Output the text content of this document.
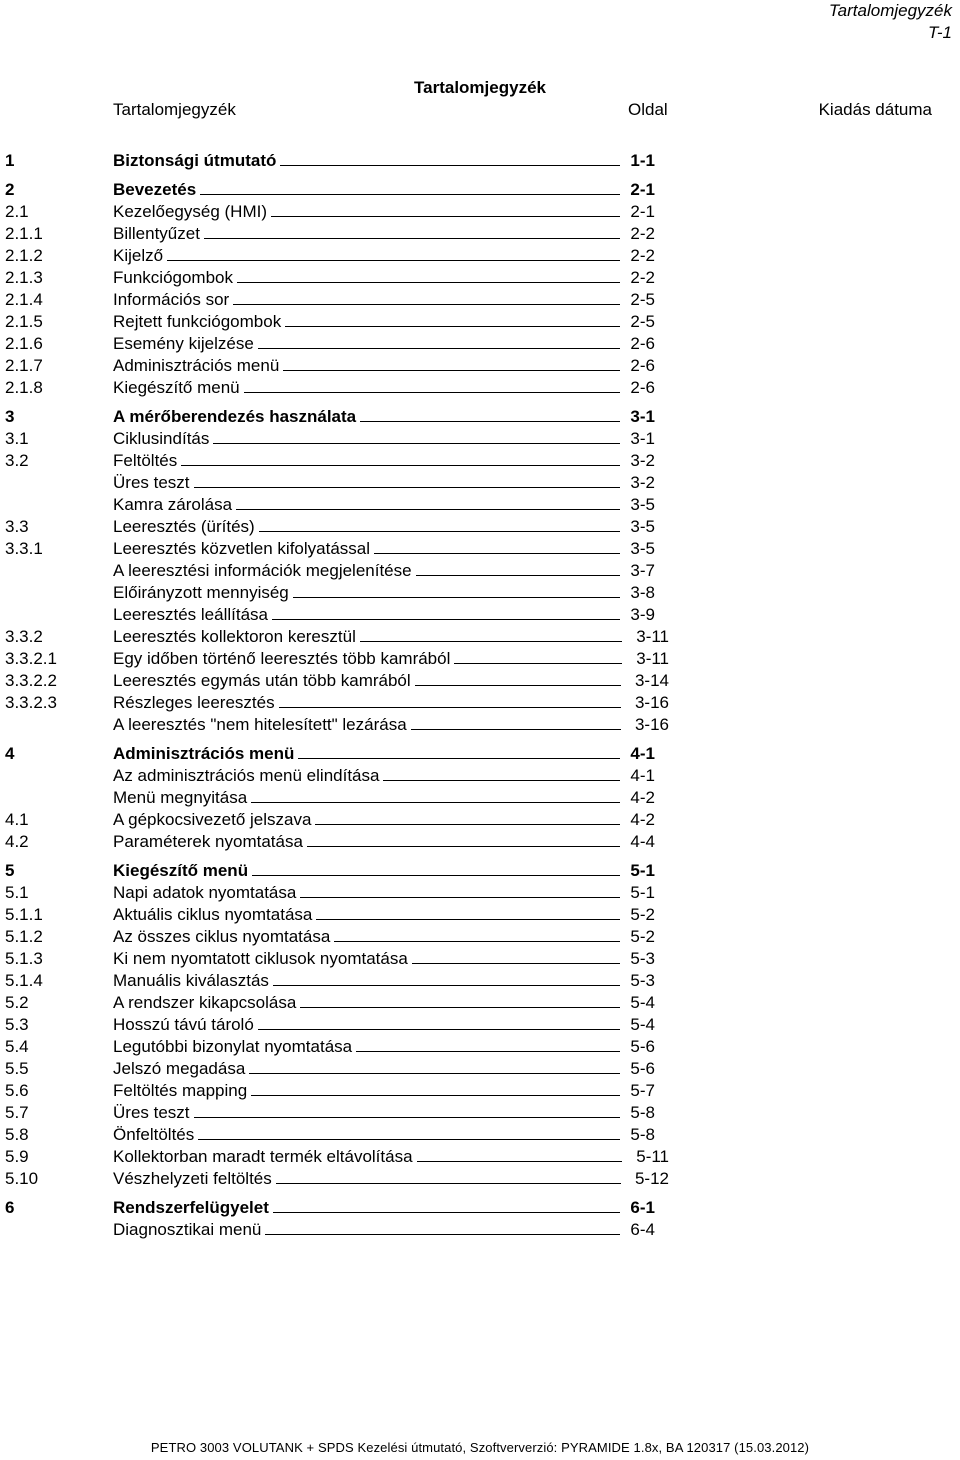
Tartalomjegyzék
T-1
Tartalomjegyzék
Tartalomjegyzék	Oldal	Kiadás dátuma
1	Biztonsági útmutató	1-1
2	Bevezetés	2-1
2.1	Kezelőegység (HMI)	2-1
2.1.1	Billentyűzet	2-2
2.1.2	Kijelző	2-2
2.1.3	Funkciógombok	2-2
2.1.4	Információs sor	2-5
2.1.5	Rejtett funkciógombok	2-5
2.1.6	Esemény kijelzése	2-6
2.1.7	Adminisztrációs menü	2-6
2.1.8	Kiegészítő menü	2-6
3	A mérőberendezés használata	3-1
3.1	Ciklusindítás	3-1
3.2	Feltöltés	3-2
Üres teszt	3-2
Kamra zárolása	3-5
3.3	Leeresztés (ürítés)	3-5
3.3.1	Leeresztés közvetlen kifolyatással	3-5
A leeresztési információk megjelenítése	3-7
Előirányzott mennyiség	3-8
Leeresztés leállítása	3-9
3.3.2	Leeresztés kollektoron keresztül	3-11
3.3.2.1	Egy időben történő leeresztés több kamrából	3-11
3.3.2.2	Leeresztés egymás után több kamrából	3-14
3.3.2.3	Részleges leeresztés	3-16
A leeresztés "nem hitelesített" lezárása	3-16
4	Adminisztrációs menü	4-1
Az adminisztrációs menü elindítása	4-1
Menü megnyitása	4-2
4.1	A gépkocsivezető jelszava	4-2
4.2	Paraméterek nyomtatása	4-4
5	Kiegészítő menü	5-1
5.1	Napi adatok nyomtatása	5-1
5.1.1	Aktuális ciklus nyomtatása	5-2
5.1.2	Az összes ciklus nyomtatása	5-2
5.1.3	Ki nem nyomtatott ciklusok nyomtatása	5-3
5.1.4	Manuális kiválasztás	5-3
5.2	A rendszer kikapcsolása	5-4
5.3	Hosszú távú tároló	5-4
5.4	Legutóbbi bizonylat nyomtatása	5-6
5.5	Jelszó megadása	5-6
5.6	Feltöltés mapping	5-7
5.7	Üres teszt	5-8
5.8	Önfeltöltés	5-8
5.9	Kollektorban maradt termék eltávolítása	5-11
5.10	Vészhelyzeti feltöltés	5-12
6	Rendszerfelügyelet	6-1
Diagnosztikai menü	6-4
PETRO 3003 VOLUTANK + SPDS Kezelési útmutató, Szoftververzió: PYRAMIDE 1.8x, BA 120317 (15.03.2012)
